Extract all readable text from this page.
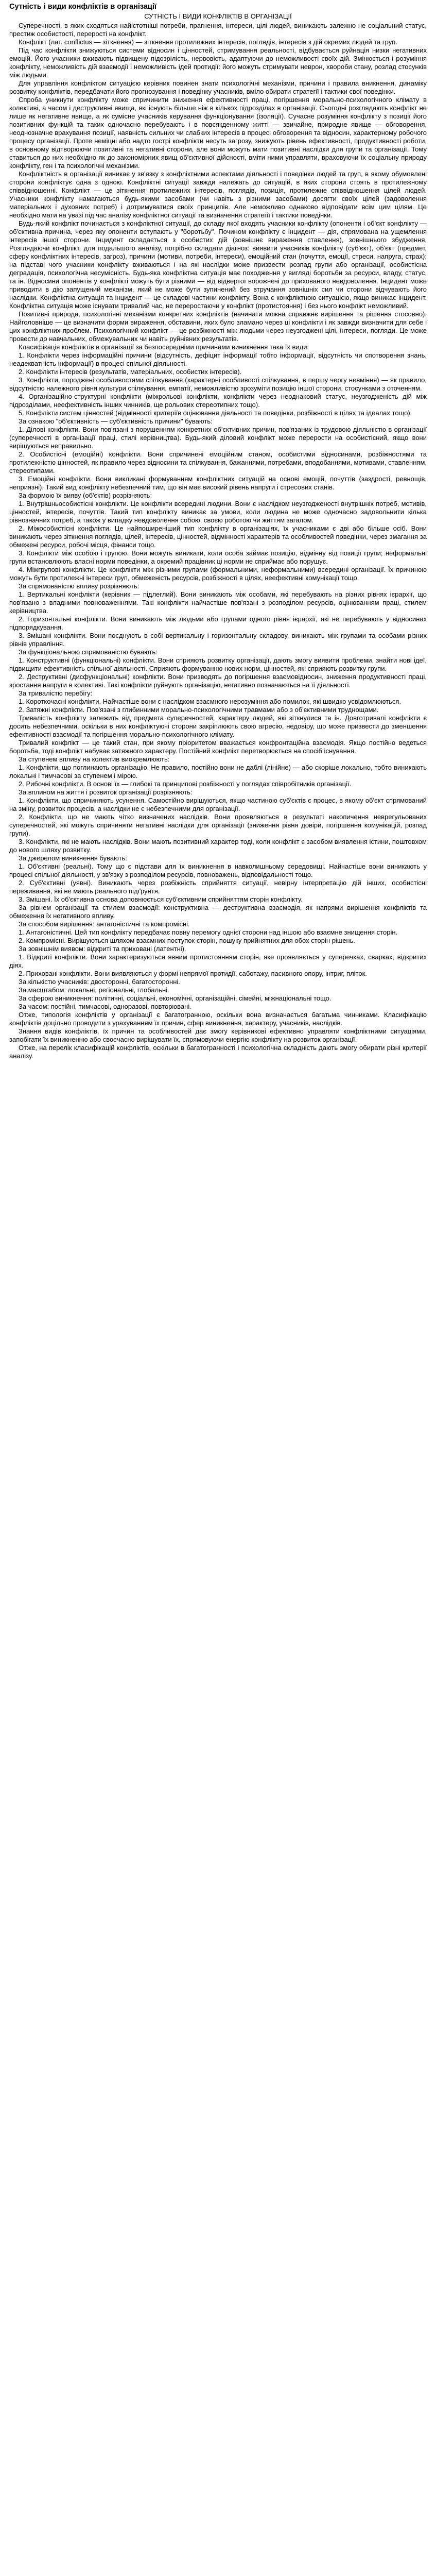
Сутність і види конфліктів в організації
СУТНІСТЬ І ВИДИ КОНФЛІКТІВ В ОРГАНІЗАЦІЇ

Суперечності, в яких сходяться найістотніші потреби, прагнення, інтереси, цілі людей, виникають залежно не соціальний статус, престиж особистості, перерості на конфлікт.

Конфлікт (лат. conflictus — зіткнення) — зіткнення протилежних інтересів, поглядів, інтересів з дій окремих людей та груп.

Під час конфлікти знижуються системи відносин і цінностей, стримування реальності, відбувається руйнація низки негативних емоцій. Його учасники вживають підвищену підозрілість, нервовість, адаптуючи до неможливості своїх дій. Змінюється і розуміння конфлікту, неможливість дій взаємодії і неможливість ідей протидії: його можуть стримувати неврон, хвороби стану, розлад стосунків між людьми.

Для управління конфліктом ситуацією керівник повинен знати психологічні механізми, причини і правила вникнення, динаміку розвитку конфліктів, передбачати його прогнозування і поведінку учасників, вміло обирати стратегії і тактики свої поведінки.

Спроба уникнути конфлікту може спричинити зниження ефективності праці, погіршення морально-психологічного клімату в колективі, а часом і деструктивні явища, які існують більше ніж в кількох підрозділах в організації. Сьогодні розглядають конфлікт не лише як негативне явище, а як сумісне учасників керування функціонування (ізоляції). Сучасне розуміння конфлікту з позиції його позитивних функцій та таких одночасно перебувають і в повсякденному житті — звичайне, природне явище — обговорення, неоднозначне врахування позиції, наявність сильних чи слабких інтересів в процесі обговорення та відносин, характерному робочого процесу організації. Проте неміцні або надто гострі конфлікти несуть загрозу, знижують рівень ефективності, продуктивності роботи, в основному відтворюючи позитивні та негативні сторони, але вони можуть мати позитивні наслідки для групи та організації. Тому ставиться до них необхідно як до закономірних явищ об'єктивної дійсності, вміти ними управляти, враховуючи їх соціальну природу конфлікту, ген і та психологічні механізми.

Конфліктність в організації виникає у зв'язку з конфліктними аспектами діяльності і поведінки людей та груп, в якому обумовлені сторони конфліктує одна з одною. Конфліктні ситуації завжди належать до ситуацій, в яких сторони стоять в протилежному співвідношенні. Конфлікт — це зіткнення протилежних інтересів, поглядів, позиція, протилежне співвідношення цілей людей. Учасники конфлікту намагаються будь-якими засобами (чи навіть з різними засобами) досягти своїх цілей (задоволення матеріальних і духовних потреб) і дотримуватися своїх принципів. Але неможливо однаково відповідати всім цим цілям. Це необхідно мати на увазі під час аналізу конфліктної ситуації та визначення стратегії і тактики поведінки.

Будь-який конфлікт починається з конфліктної ситуації, до складу якої входять учасники конфлікту (опоненти і об'єкт конфлікту — об'єктивна причина, через яку опоненти вступають у "боротьбу". Почином конфлікту є інцидент — дія, спрямована на ущемлення інтересів іншої сторони. Інцидент складається з особистих дій (зовнішнє вираження ставлення), зовнішнього збудження, Розглядаючи конфлікт, для подальшого аналізу, потрібно складати діагноз: виявити учасників конфлікту (суб'єкт), об'єкт (предмет, сферу конфліктних інтересів, загроз), причини (мотиви, потреби, інтереси), емоційний стан (почуття, емоції, стреси, напруга, страх); на підставі чого учасники конфлікту вживаються і на які наслідки може призвести розпад групи або організації, особистісна деградація, психологічна несумісність. Будь-яка конфліктна ситуація має походження у вигляді боротьби за ресурси, владу, статус, та ін. Відносини опонентів у конфлікті можуть бути різними — від відвертої ворожнечі до прихованого невдоволення. Інцидент може приводити в дію запущений механізм, який не може бути зупинений без втручання зовнішніх сил чи сторони відчувають його наслідки. Конфліктна ситуація та інцидент — це складові частини конфлікту. Вона є конфліктною ситуацією, якщо виникає інцидент. Конфліктна ситуація може існувати тривалий час, не переростаючи у конфлікт (протистояння) і без нього конфлікт неможливий.

Позитивні природа, психологічні механізми конкретних конфліктів (начинати можна справжнє вирішення та рішення стосовно). Найголовніше — це визначити форми вираження, обставини, яких було зламано через ці конфлікти і як завжди визначити для себе і цих конфліктних проблем. Психологічний конфлікт — це розбіжності між людьми через неузгоджені цілі, інтереси, погляди. Це може провести до навчальних, обмежувальних чи навіть руйнівних результатів.

Класифікація конфліктів в організації за безпосередніми причинами виникнення така їх види:

1. Конфлікти через інформаційні причини (відсутність, дефіцит інформації тобто інформації, відсутність чи спотворення знань, неадекватність інформації) в процесі спільної діяльності.

2. Конфлікти інтересів (результатів, матеріальних, особистих інтересів).

3. Конфлікти, породжені особливостями спілкування (характерні особливості спілкування, в першу чергу невміння) — як правило, відсутністю належного рівня культури спілкування, емпатії, неможливістю зрозуміти позицію іншої сторони, стосунками з оточенням.

4. Організаційно-структурні конфлікти (міжрольові конфлікти, конфлікти через неоднаковий статус, неузгодженість дій між підрозділами, неефективність інших чинників, ще рольових стереотипних тощо).

5. Конфлікти систем цінностей (відмінності критеріїв оцінювання діяльності та поведінки, розбіжності в цілях та ідеалах тощо).

За ознакою "об'єктивність — суб'єктивність причини" бувають:

1. Ділові конфлікти. Вони пов'язані з порушенням конкретних об'єктивних причин, пов'язаних із трудовою діяльністю в організації (суперечності в організації праці, стилі керівництва). Будь-який діловий конфлікт може перерости на особистісний, якщо вони вирішуються неправильно.

2. Особистісні (емоційні) конфлікти. Вони спричинені емоційним станом, особистими відносинами, розбіжностями та протилежністю цінностей, як правило через відносини та спілкування, бажаннями, потребами, вподобаннями, мотивами, ставленням, стереотипами.

3. Емоційні конфлікти. Вони викликані формуванням конфліктних ситуацій на основі емоцій, почуттів (заздрості, ревнощів, неприязні). Такий вид конфлікту небезпечний тим, що він має високий рівень напруги і стресових станів.

За формою їх вияву (об'єктів) розрізняють:

1. Внутрішньособистісні конфлікти. Це конфлікти всередині людини. Вони є наслідком неузгодженості внутрішніх потреб, мотивів, цінностей, інтересів, почуттів. Такий тип конфлікту виникає за умови, коли людина не може одночасно задовольнити кілька рівнозначних потреб, а також у випадку невдоволення собою, своєю роботою чи життям загалом.

2. Міжособистісні конфлікти. Це найпоширеніший тип конфлікту в організаціях, їх учасниками є дві або більше осіб. Вони виникають через зіткнення поглядів, цілей, інтересів, цінностей, відмінності характерів та особливостей поведінки, через змагання за обмежені ресурси, робочі місця, фінанси тощо.

3. Конфлікти між особою і групою. Вони можуть виникати, коли особа займає позицію, відмінну від позиції групи; неформальні групи встановлюють власні норми поведінки, а окремий працівник ці норми не сприймає або порушує.

4. Міжгрупові конфлікти. Це конфлікти між різними групами (формальними, неформальними) всередині організації. Їх причиною можуть бути протилежні інтереси груп, обмеженість ресурсів, розбіжності в цілях, неефективні комунікації тощо.

За спрямованістю впливу розрізняють:

1. Вертикальні конфлікти (керівник — підлеглий). Вони виникають між особами, які перебувають на різних рівнях ієрархії, що пов'язано з владними повноваженнями. Такі конфлікти найчастіше пов'язані з розподілом ресурсів, оцінюванням праці, стилем керівництва.

2. Горизонтальні конфлікти. Вони виникають між людьми або групами одного рівня ієрархії, які не перебувають у відносинах підпорядкування.

3. Змішані конфлікти. Вони поєднують в собі вертикальну і горизонтальну складову, виникають між групами та особами різних рівнів управління.

За функціональною спрямованістю бувають:

1. Конструктивні (функціональні) конфлікти. Вони сприяють розвитку організації, дають змогу виявити проблеми, знайти нові ідеї, підвищити ефективність спільної діяльності. Сприяють формуванню нових норм, цінностей, які сприяють розвитку групи.

2. Деструктивні (дисфункціональні) конфлікти. Вони призводять до погіршення взаємовідносин, зниження продуктивності праці, зростання напруги в колективі. Такі конфлікти руйнують організацію, негативно позначаються на її діяльності.

За тривалістю перебігу:

1. Короткочасні конфлікти. Найчастіше вони є наслідком взаємного нерозуміння або помилок, які швидко усвідомлюються.

2. Затяжні конфлікти. Пов'язані з глибинними морально-психологічними травмами або з об'єктивними труднощами.

Тривалість конфлікту залежить від предмета суперечностей, характеру людей, які зіткнулися та ін. Довготривалі конфлікти є досить небезпечними, оскільки в них конфліктуючі сторони закріплюють свою агресію, недовіру, що може призвести до зменшення ефективності взаємодії та погіршення морально-психологічного клімату.

Тривалий конфлікт — це такий стан, при якому пріоритетом вважається конфронтаційна взаємодія. Якщо постійно ведеться боротьба, тоді конфлікт набуває затяжного характеру. Постійний конфлікт перетворюється на спосіб існування.

За ступенем впливу на колектив виокремлюють:

1. Конфлікти, що поглинають організацію. Не правило, постійно вони не даблі (лінійне) — або скоріше локально, тобто виникають локальні і тимчасові за ступенем і мірою.

2. Рибочні конфлікти. В основі їх — глибокі та принципові розбіжності у поглядах співробітників організації.

За вплином на життя і розвиток організації розрізняють:

1. Конфлікти, що спричиняють усунення. Самостійно вирішуються, якщо частиною суб'єктів є процес, в якому об'єкт спрямований на зміну, розвиток процесів, а наслідки не є небезпечними для організації.

2. Конфлікти, що не мають чітко визначених наслідків. Вони проявляються в результаті накопичення неврегульованих суперечностей, які можуть спричиняти негативні наслідки для організації (зниження рівня довіри, погіршення комунікацій, розпад групи).

3. Конфлікти, які не мають наслідків. Вони мають позитивний характер тоді, коли конфлікт є засобом виявлення істини, поштовхом до нового шляху розвитку.

За джерелом виникнення бувають:

1. Об'єктивні (реальні). Тому що є підстави для їх виникнення в навколишньому середовищі. Найчастіше вони виникають у процесі спільної діяльності, у зв'язку з розподілом ресурсів, повноважень, відповідальності тощо.

2. Суб'єктивні (уявні). Виникають через розбіжність сприйняття ситуації, невірну інтерпретацію дій інших, особистісні переживання, які не мають реального підґрунтя.

3. Змішані. Їх об'єктивна основа доповнюється суб'єктивним сприйняттям сторін конфлікту.

За рівнем організації та стилем взаємодії: конструктивна — деструктивна взаємодія, як напрями вирішення конфліктів та обмеження їх негативного впливу.

За способом вирішення: антагоністичні та компромісні.

1. Антагоністичні. Цей тип конфлікту передбачає повну перемогу однієї сторони над іншою або взаємне знищення сторін.

2. Компромісні. Вирішуються шляхом взаємних поступок сторін, пошуку прийнятних для обох сторін рішень.

За зовнішнім виявом: відкриті та приховані (латентні).

1. Відкриті конфлікти. Вони характеризуються явним протистоянням сторін, яке проявляється у суперечках, сварках, відкритих діях.

2. Приховані конфлікти. Вони виявляються у формі непрямої протидії, саботажу, пасивного опору, інтриг, пліток.

За кількістю учасників: двосторонні, багатосторонні.

За масштабом: локальні, регіональні, глобальні.

За сферою виникнення: політичні, соціальні, економічні, організаційні, сімейні, міжнаціональні тощо.

За часом: постійні, тимчасові, одноразові, повторювані.

Отже, типологія конфліктів у організації є багатогранною, оскільки вона визначається багатьма чинниками. Класифікацію конфліктів доцільно проводити з урахуванням їх причин, сфер виникнення, характеру, учасників, наслідків.

Знання видів конфліктів, їх причин та особливостей дає змогу керівникові ефективно управляти конфліктними ситуаціями, запобігати їх виникненню або своєчасно вирішувати їх, спрямовуючи енергію конфлікту на розвиток організації.

Отже, на перелік класифікацій конфліктів, оскільки в багатогранності і психологічна складність дають змогу обирати різні критерії аналізу.
